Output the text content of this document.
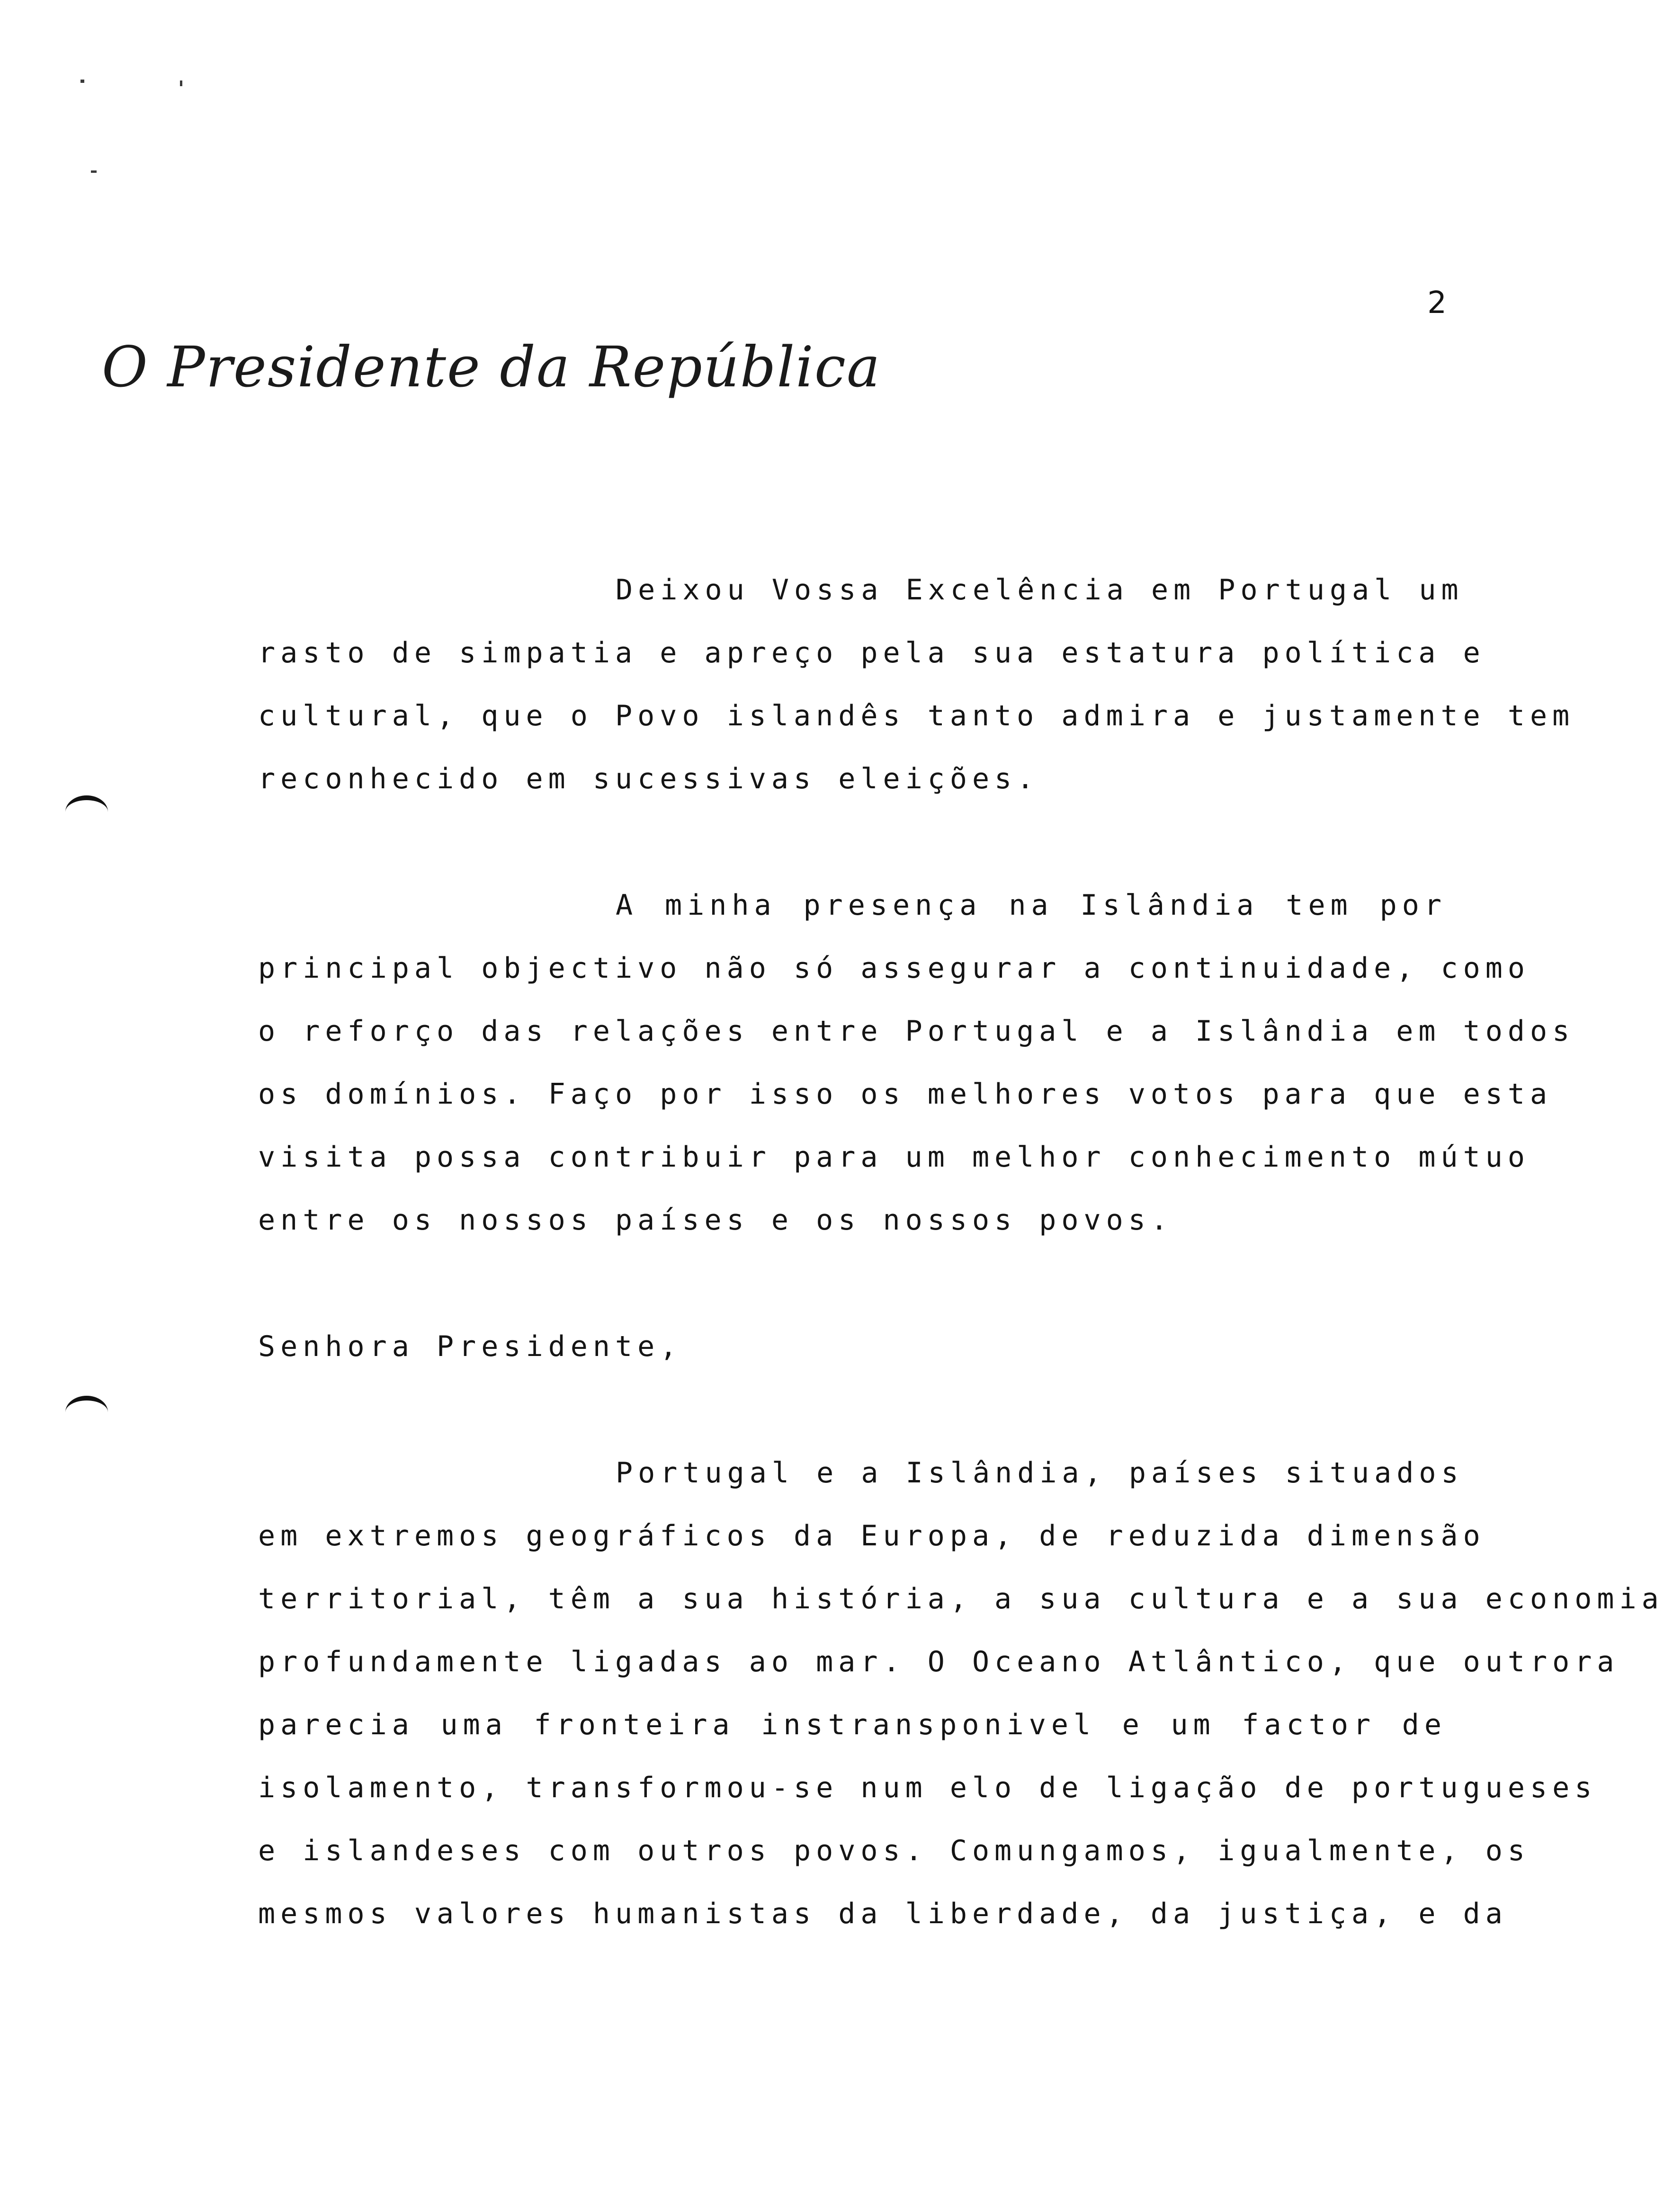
2
O Presidente da República
Deixou Vossa Excelência em Portugal um
rasto de simpatia e apreço pela sua estatura política e
cultural, que o Povo islandês tanto admira e justamente tem
reconhecido em sucessivas eleições.
A minha presença na Islândia tem por
principal objectivo não só assegurar a continuidade, como
o reforço das relações entre Portugal e a Islândia em todos
os domínios. Faço por isso os melhores votos para que esta
visita possa contribuir para um melhor conhecimento mútuo
entre os nossos países e os nossos povos.
Senhora Presidente,
Portugal e a Islândia, países situados
em extremos geográficos da Europa, de reduzida dimensão
territorial, têm a sua história, a sua cultura e a sua economia
profundamente ligadas ao mar. O Oceano Atlântico, que outrora
parecia uma fronteira instransponivel e um factor de
isolamento, transformou-se num elo de ligação de portugueses
e islandeses com outros povos. Comungamos, igualmente, os
mesmos valores humanistas da liberdade, da justiça, e da
